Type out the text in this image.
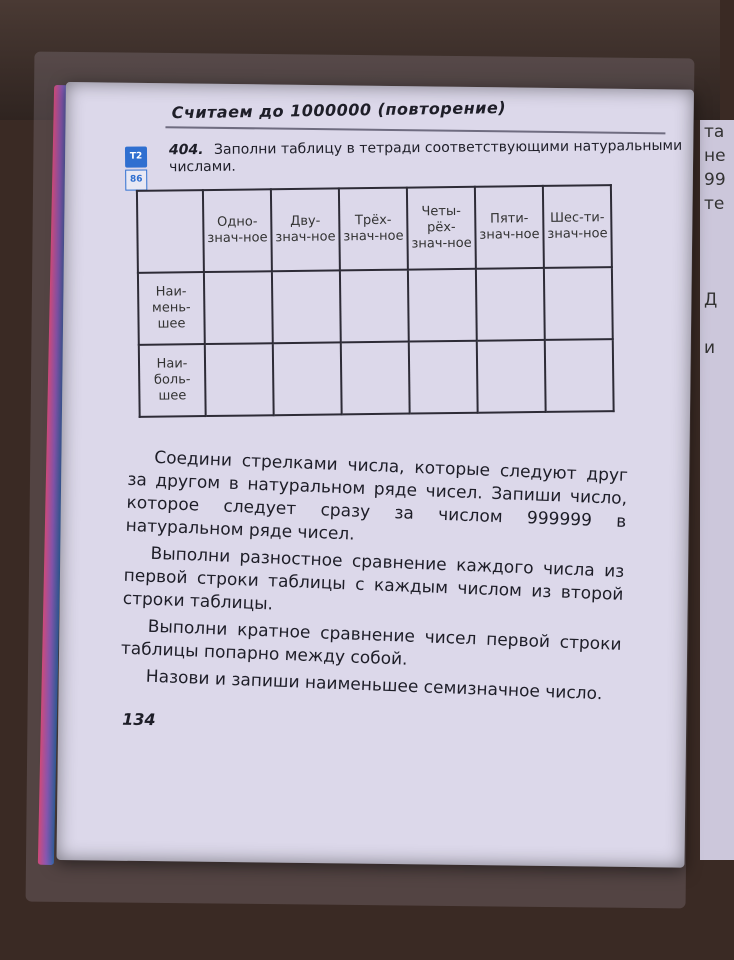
та
не
99
те

Д

и
Считаем до 1000000 (повторение)
Т2
86
404. Заполни таблицу в тетради соответствующими натуральными числами.
	Одно-знач-ное	Дву-знач-ное	Трёх-знач-ное	Четы-рёх-знач-ное	Пяти-знач-ное	Шес-ти-знач-ное
Наи-мень-шее						
Наи-боль-шее						

Соедини стрелками числа, которые следуют друг за другом в натуральном ряде чисел. Запиши число, которое следует сразу за числом 999999 в натуральном ряде чисел.

Выполни разностное сравнение каждого числа из первой строки таблицы с каждым числом из второй строки таблицы.

Выполни кратное сравнение чисел первой строки таблицы попарно между собой.

Назови и запиши наименьшее семизначное число.

134
